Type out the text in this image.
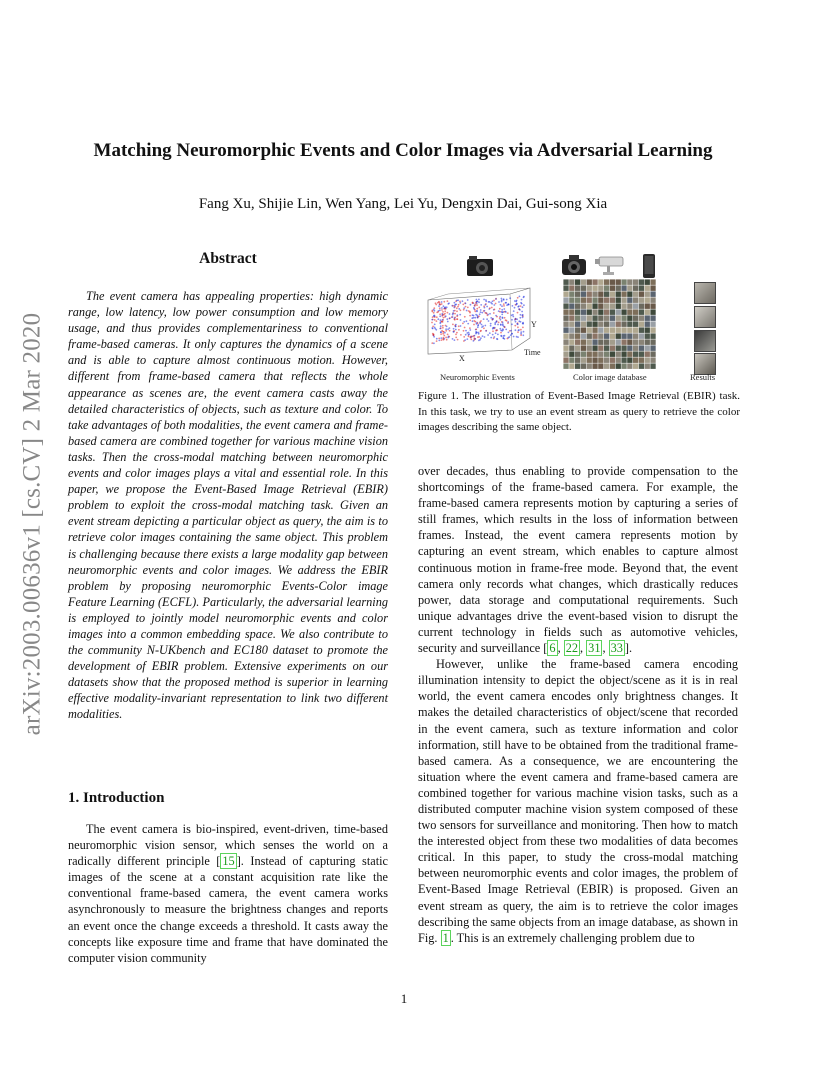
arXiv:2003.00636v1 [cs.CV] 2 Mar 2020
Matching Neuromorphic Events and Color Images via Adversarial Learning
Fang Xu, Shijie Lin, Wen Yang, Lei Yu, Dengxin Dai, Gui-song Xia
Abstract

The event camera has appealing properties: high dynamic range, low latency, low power consumption and low memory usage, and thus provides complementariness to conventional frame-based cameras. It only captures the dynamics of a scene and is able to capture almost continuous motion. However, different from frame-based camera that reflects the whole appearance as scenes are, the event camera casts away the detailed characteristics of objects, such as texture and color. To take advantages of both modalities, the event camera and frame-based camera are combined together for various machine vision tasks. Then the cross-modal matching between neuromorphic events and color images plays a vital and essential role. In this paper, we propose the Event-Based Image Retrieval (EBIR) problem to exploit the cross-modal matching task. Given an event stream depicting a particular object as query, the aim is to retrieve color images containing the same object. This problem is challenging because there exists a large modality gap between neuromorphic events and color images. We address the EBIR problem by proposing neuromorphic Events-Color image Feature Learning (ECFL). Particularly, the adversarial learning is employed to jointly model neuromorphic events and color images into a common embedding space. We also contribute to the community N-UKbench and EC180 dataset to promote the development of EBIR problem. Extensive experiments on our datasets show that the proposed method is superior in learning effective modality-invariant representation to link two different modalities.

1. Introduction

The event camera is bio-inspired, event-driven, time-based neuromorphic vision sensor, which senses the world on a radically different principle [ 15 ]. Instead of capturing static images of the scene at a constant acquisition rate like the conventional frame-based camera, the event camera works asynchronously to measure the brightness changes and reports an event once the change exceeds a threshold. It casts away the concepts like exposure time and frame that have dominated the computer vision community

Y
X
Time
Neuromorphic Events	Color image database	Results
Figure 1. The illustration of Event-Based Image Retrieval (EBIR) task. In this task, we try to use an event stream as query to retrieve the color images describing the same object.

over decades, thus enabling to provide compensation to the shortcomings of the frame-based camera. For example, the frame-based camera represents motion by capturing a series of still frames, which results in the loss of information between frames. Instead, the event camera represents motion by capturing an event stream, which enables to capture almost continuous motion in frame-free mode. Beyond that, the event camera only records what changes, which drastically reduces power, data storage and computational requirements. Such unique advantages drive the event-based vision to disrupt the current technology in fields such as automotive vehicles, security and surveillance [ 6 , 22 , 31 , 33 ].

However, unlike the frame-based camera encoding illumination intensity to depict the object/scene as it is in real world, the event camera encodes only brightness changes. It makes the detailed characteristics of object/scene that recorded in the event camera, such as texture information and color information, still have to be obtained from the traditional frame-based camera. As a consequence, we are encountering the situation where the event camera and frame-based camera are combined together for various machine vision tasks, such as a distributed computer machine vision system composed of these two sensors for surveillance and monitoring. Then how to match the interested object from these two modalities of data becomes critical. In this paper, to study the cross-modal matching between neuromorphic events and color images, the problem of Event-Based Image Retrieval (EBIR) is proposed. Given an event stream as query, the aim is to retrieve the color images describing the same objects from an image database, as shown in Fig. 1 . This is an extremely challenging problem due to

1
